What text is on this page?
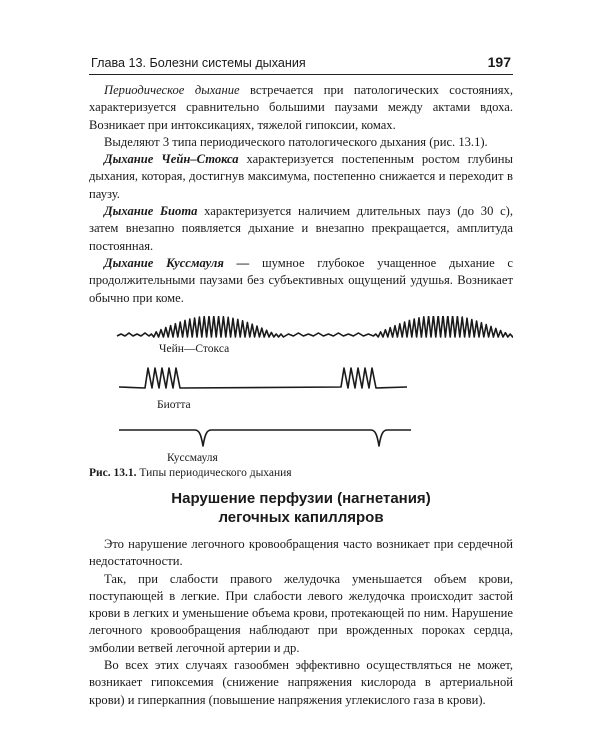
Глава 13. Болезни системы дыхания	197

Периодическое дыхание встречается при патологических состояниях, характеризуется сравнительно большими паузами между актами вдоха. Возникает при интоксикациях, тяжелой гипоксии, комах.

Выделяют 3 типа периодического патологического дыхания (рис. 13.1).

Дыхание Чейн–Стокса характеризуется постепенным ростом глубины дыхания, которая, достигнув максимума, постепенно снижается и переходит в паузу.

Дыхание Биота характеризуется наличием длительных пауз (до 30 с), затем внезапно появляется дыхание и внезапно прекращается, амплитуда постоянная.

Дыхание Куссмауля — шумное глубокое учащенное дыхание с продолжительными паузами без субъективных ощущений удушья. Возникает обычно при коме.

Чейн—Стокса
Биотта
Куссмауля
Рис. 13.1. Типы периодического дыхания
Нарушение перфузии (нагнетания)
легочных капилляров

Это нарушение легочного кровообращения часто возникает при сердечной недостаточности.

Так, при слабости правого желудочка уменьшается объем крови, поступающей в легкие. При слабости левого желудочка происходит застой крови в легких и уменьшение объема крови, протекающей по ним. Нарушение легочного кровообращения наблюдают при врожденных пороках сердца, эмболии ветвей легочной артерии и др.

Во всех этих случаях газообмен эффективно осуществляться не может, возникает гипоксемия (снижение напряжения кислорода в артериальной крови) и гиперкапния (повышение напряжения углекислого газа в крови).
